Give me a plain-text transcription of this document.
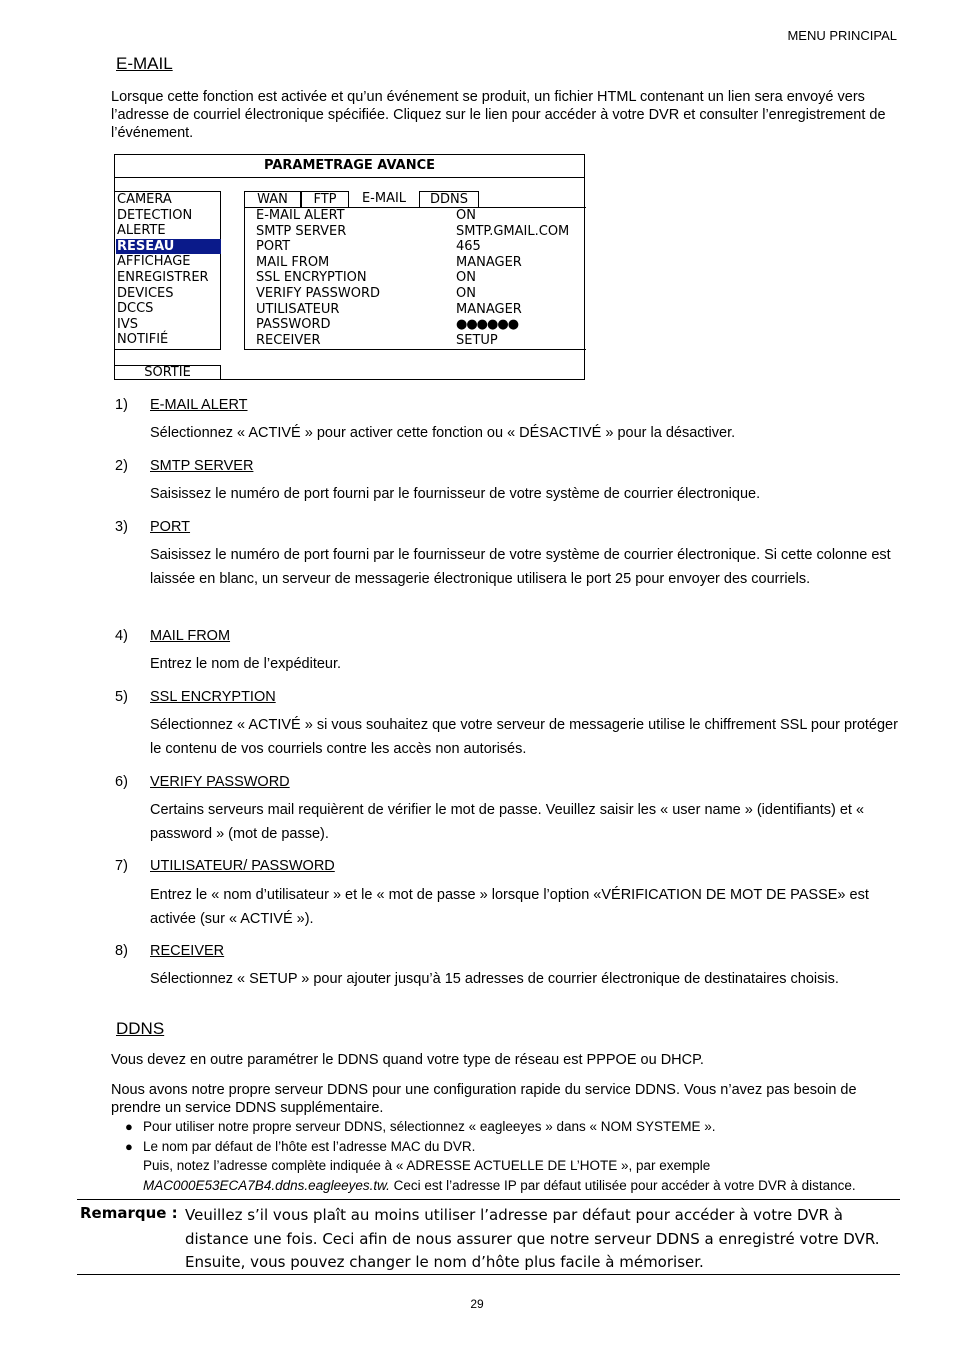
MENU PRINCIPAL
E-MAIL
Lorsque cette fonction est activée et qu’un événement se produit, un fichier HTML contenant un lien sera envoyé vers l’adresse de courriel électronique spécifiée. Cliquez sur le lien pour accéder à votre DVR et consulter l’enregistrement de l’événement.
PARAMETRAGE AVANCE
CAMERA
DETECTION
ALERTE
RESEAU
AFFICHAGE
ENREGISTRER
DEVICES
DCCS
IVS
NOTIFIÉ
SORTIE
WAN	FTP	E-MAIL	DDNS
E-MAIL ALERT	ON
SMTP SERVER	SMTP.GMAIL.COM
PORT	465
MAIL FROM	MANAGER
SSL ENCRYPTION	ON
VERIFY PASSWORD	ON
UTILISATEUR	MANAGER
PASSWORD	●●●●●●
RECEIVER	SETUP
1) E-MAIL ALERT
Sélectionnez « ACTIVÉ » pour activer cette fonction ou « DÉSACTIVÉ » pour la désactiver.
2) SMTP SERVER
Saisissez le numéro de port fourni par le fournisseur de votre système de courrier électronique.
3) PORT
Saisissez le numéro de port fourni par le fournisseur de votre système de courrier électronique. Si cette colonne est laissée en blanc, un serveur de messagerie électronique utilisera le port 25 pour envoyer des courriels.
4) MAIL FROM
Entrez le nom de l’expéditeur.
5) SSL ENCRYPTION
Sélectionnez « ACTIVÉ » si vous souhaitez que votre serveur de messagerie utilise le chiffrement SSL pour protéger le contenu de vos courriels contre les accès non autorisés.
6) VERIFY PASSWORD
Certains serveurs mail requièrent de vérifier le mot de passe. Veuillez saisir les « user name » (identifiants) et « password » (mot de passe).
7) UTILISATEUR/ PASSWORD
Entrez le « nom d’utilisateur » et le « mot de passe » lorsque l’option «VÉRIFICATION DE MOT DE PASSE» est activée (sur « ACTIVÉ »).
8) RECEIVER
Sélectionnez « SETUP » pour ajouter jusqu’à 15 adresses de courrier électronique de destinataires choisis.
DDNS
Vous devez en outre paramétrer le DDNS quand votre type de réseau est PPPOE ou DHCP.
Nous avons notre propre serveur DDNS pour une configuration rapide du service DDNS. Vous n’avez pas besoin de prendre un service DDNS supplémentaire.
● Pour utiliser notre propre serveur DDNS, sélectionnez « eagleeyes » dans « NOM SYSTEME ».
● Le nom par défaut de l’hôte est l’adresse MAC du DVR.
Puis, notez l’adresse complète indiquée à « ADRESSE ACTUELLE DE L’HOTE », par exemple
MAC000E53ECA7B4.ddns.eagleeyes.tw. Ceci est l’adresse IP par défaut utilisée pour accéder à votre DVR à distance.
Remarque : Veuillez s’il vous plaît au moins utiliser l’adresse par défaut pour accéder à votre DVR à distance une fois. Ceci afin de nous assurer que notre serveur DDNS a enregistré votre DVR. Ensuite, vous pouvez changer le nom d’hôte plus facile à mémoriser.
29
